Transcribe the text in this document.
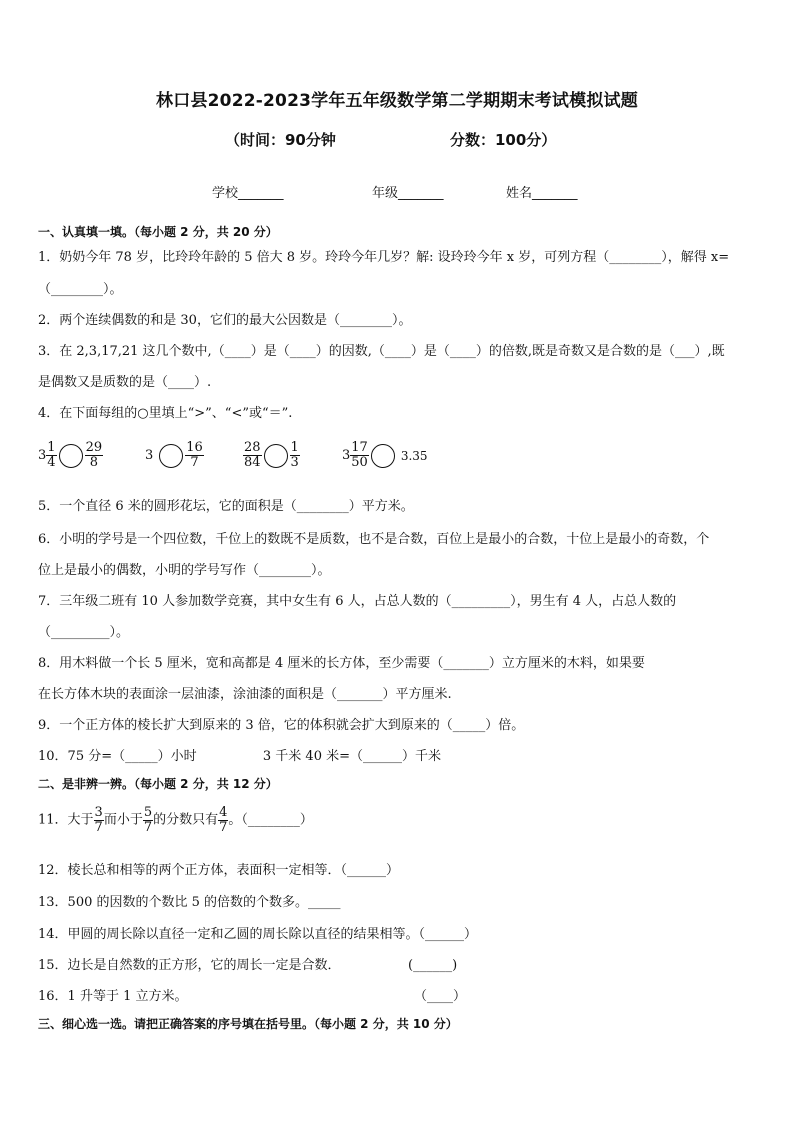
林口县2022-2023学年五年级数学第二学期期末考试模拟试题
（时间：90分钟	分数：100分）
学校_______	年级_______	姓名_______
一、认真填一填。（每小题 2 分，共 20 分）
1．奶奶今年 78 岁，比玲玲年龄的 5 倍大 8 岁。玲玲今年几岁？解: 设玲玲今年 x 岁，可列方程（________），解得 x=
（________）。
2．两个连续偶数的和是 30，它们的最大公因数是（________）。
3．在 2,3,17,21 这几个数中,（____）是（____）的因数,（____）是（____）的倍数,既是奇数又是合数的是（___）,既
是偶数又是质数的是（____）.
4．在下面每组的○里填上“>”、“<”或“＝”.
$3 \frac{1}{4} \frac{29}{8}$	$3 \frac{16}{7}$	$\frac{28}{84} \frac{1}{3}$	$3 \frac{17}{50}$	3.35
5．一个直径 6 米的圆形花坛，它的面积是（________）平方米。
6．小明的学号是一个四位数，千位上的数既不是质数，也不是合数，百位上是最小的合数，十位上是最小的奇数，个
位上是最小的偶数，小明的学号写作（________）。
7．三年级二班有 10 人参加数学竞赛，其中女生有 6 人，占总人数的（_________），男生有 4 人，占总人数的
（_________）。
8．用木料做一个长 5 厘米，宽和高都是 4 厘米的长方体，至少需要（_______）立方厘米的木料，如果要
在长方体木块的表面涂一层油漆，涂油漆的面积是（_______）平方厘米.
9．一个正方体的棱长扩大到原来的 3 倍，它的体积就会扩大到原来的（_____）倍。
10．75 分=（_____）小时	3 千米 40 米=（______）千米
二、是非辨一辨。（每小题 2 分，共 12 分）
11．大于 $\frac{3}{7}$ 而小于 $\frac{5}{7}$ 的分数只有 $\frac{4}{7}$ 。（________）
12．棱长总和相等的两个正方体，表面积一定相等．（______）
13．500 的因数的个数比 5 的倍数的个数多。_____
14．甲圆的周长除以直径一定和乙圆的周长除以直径的结果相等。（______）
15．边长是自然数的正方形，它的周长一定是合数．	(______)
16．1 升等于 1 立方米。	（____）
三、细心选一选。请把正确答案的序号填在括号里。（每小题 2 分，共 10 分）
